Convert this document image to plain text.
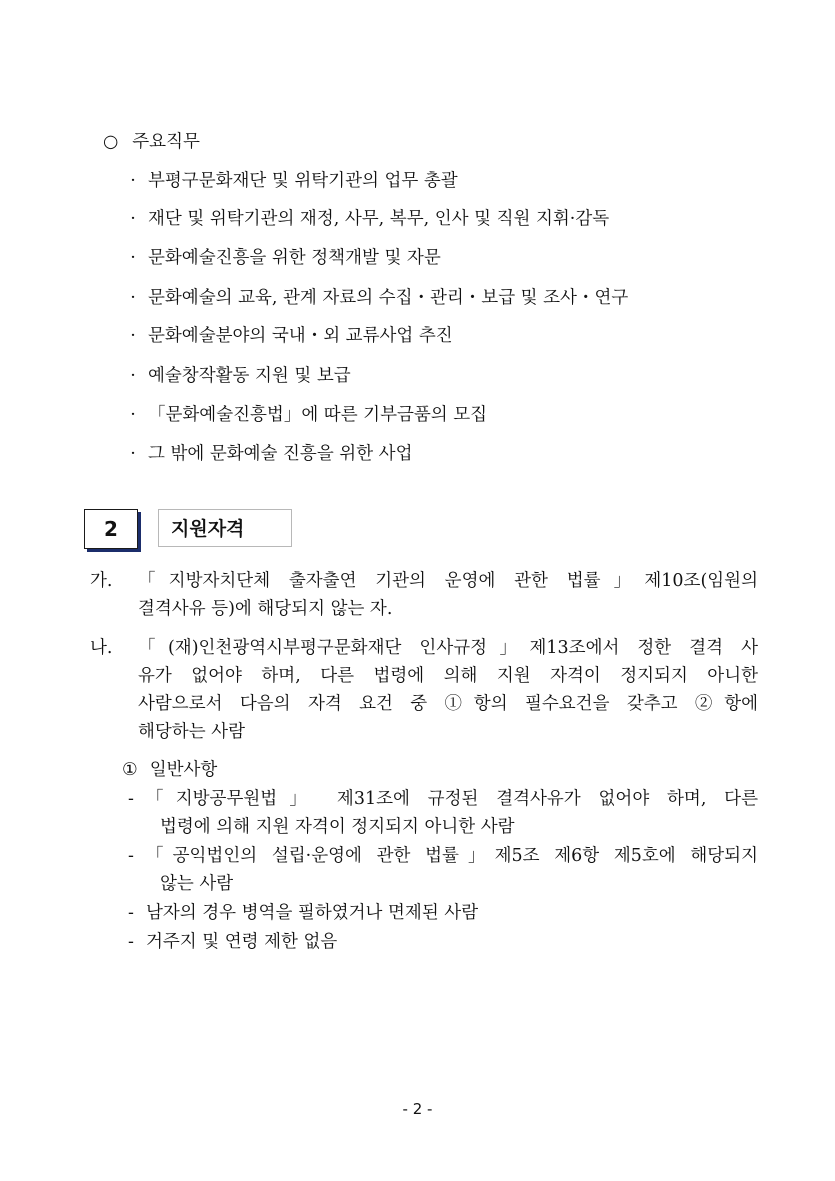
○ 주요직무
· 부평구문화재단 및 위탁기관의 업무 총괄
· 재단 및 위탁기관의 재정, 사무, 복무, 인사 및 직원 지휘·감독
· 문화예술진흥을 위한 정책개발 및 자문
· 문화예술의 교육, 관계 자료의 수집・관리・보급 및 조사・연구
· 문화예술분야의 국내・외 교류사업 추진
· 예술창작활동 지원 및 보급
· 「문화예술진흥법」에 따른 기부금품의 모집
· 그 밖에 문화예술 진흥을 위한 사업
2	지원자격
가. 「지방자치단체 출자출연 기관의 운영에 관한 법률」제10조(임원의
결격사유 등)에 해당되지 않는 자.
나. 「(재)인천광역시부평구문화재단 인사규정」제13조에서 정한 결격 사
유가 없어야 하며, 다른 법령에 의해 지원 자격이 정지되지 아니한
사람으로서 다음의 자격 요건 중 ①항의 필수요건을 갖추고 ②항에
해당하는 사람
① 일반사항
- 「지방공무원법」 제31조에 규정된 결격사유가 없어야 하며, 다른
법령에 의해 지원 자격이 정지되지 아니한 사람
- 「공익법인의 설립·운영에 관한 법률」제5조 제6항 제5호에 해당되지
않는 사람
- 남자의 경우 병역을 필하였거나 면제된 사람
- 거주지 및 연령 제한 없음
- 2 -
